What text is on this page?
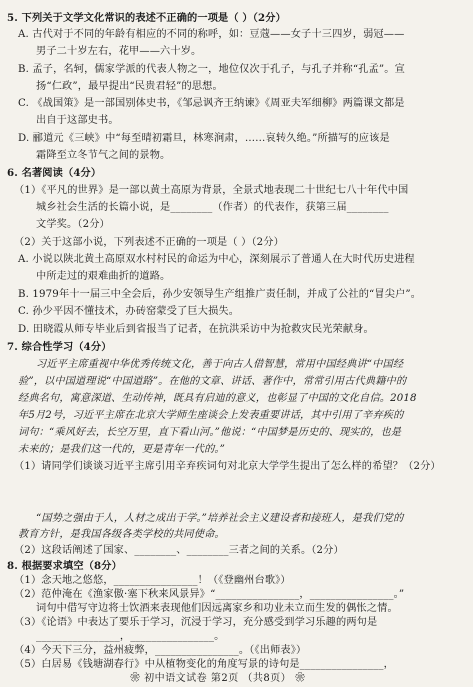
5. 下列关于文学文化常识的表述不正确的一项是（ ）（2分）
A. 古代对于不同的年龄有相应的不同的称呼，如：豆蔻——女子十三四岁，弱冠——
男子二十岁左右，花甲——六十岁。
B. 孟子，名轲，儒家学派的代表人物之一，地位仅次于孔子，与孔子并称“孔孟”。宣
扬“仁政”，最早提出“民贵君轻”的思想。
C. 《战国策》是一部国别体史书，《邹忌讽齐王纳谏》《周亚夫军细柳》两篇课文都是
出自于这部史书。
D. 郦道元《三峡》中“每至晴初霜旦，林寒涧肃，……哀转久绝。”所描写的应该是
霜降至立冬节气之间的景物。
6. 名著阅读（4分）
（1）《平凡的世界》是一部以黄土高原为背景，全景式地表现二十世纪七八十年代中国
城乡社会生活的长篇小说，是________（作者）的代表作，获第三届________
文学奖。（2分）
（2）关于这部小说，下列表述不正确的一项是（ ）（2分）
A. 小说以陕北黄土高原双水村村民的命运为中心，深刻展示了普通人在大时代历史进程
中所走过的艰难曲折的道路。
B. 1979年十一届三中全会后，孙少安领导生产组推广责任制，并成了公社的“冒尖户”。
C. 孙少平因不懂技术，办砖窑蒙受了巨大损失。
D. 田晓霞从师专毕业后到省报当了记者，在抗洪采访中为抢救灾民光荣献身。
7. 综合性学习（4分）
习近平主席重视中华优秀传统文化，善于向古人借智慧，常用中国经典讲“中国经
验”，以中国道理说“中国道路”。在他的文章、讲话、著作中，常常引用古代典籍中的
经典名句，寓意深道、生动传神，既具有启迪的意义，也彰显了中国的文化自信。2018
年5月2号，习近平主席在北京大学师生座谈会上发表重要讲话，其中引用了辛弃疾的
词句：“乘风好去，长空万里，直下看山河。”他说：“中国梦是历史的、现实的，也是
未来的；是我们这一代的，更是青年一代的。”
（1）请同学们谈谈习近平主席引用辛弃疾词句对北京大学学生提出了怎么样的希望？（2分）
“国势之强由于人，人材之成出于学。”培养社会主义建设者和接班人，是我们党的
教育方针，是我国各级各类学校的共同使命。
（2）这段话阐述了国家、________、________三者之间的关系。（2分）
8. 根据要求填空（8分）
（1）念天地之悠悠，________________！（《登幽州台歌》）
（2）范仲淹在《渔家傲·塞下秋来风景异》“________________，________________。”
词句中借写守边将士饮酒来表现他们因远离家乡和功业未立而生发的偶怅之情。
（3）《论语》中表达了要乐于学习，沉浸于学习，充分感受到学习乐趣的两句是
________________，________________。
（4）今天下三分，益州疲弊，________________。（《出师表》）
（5）白居易《钱塘湖春行》中从植物变化的角度写景的诗句是________________，
❀ 初中语文试卷 第2页 （共8页） ❀
